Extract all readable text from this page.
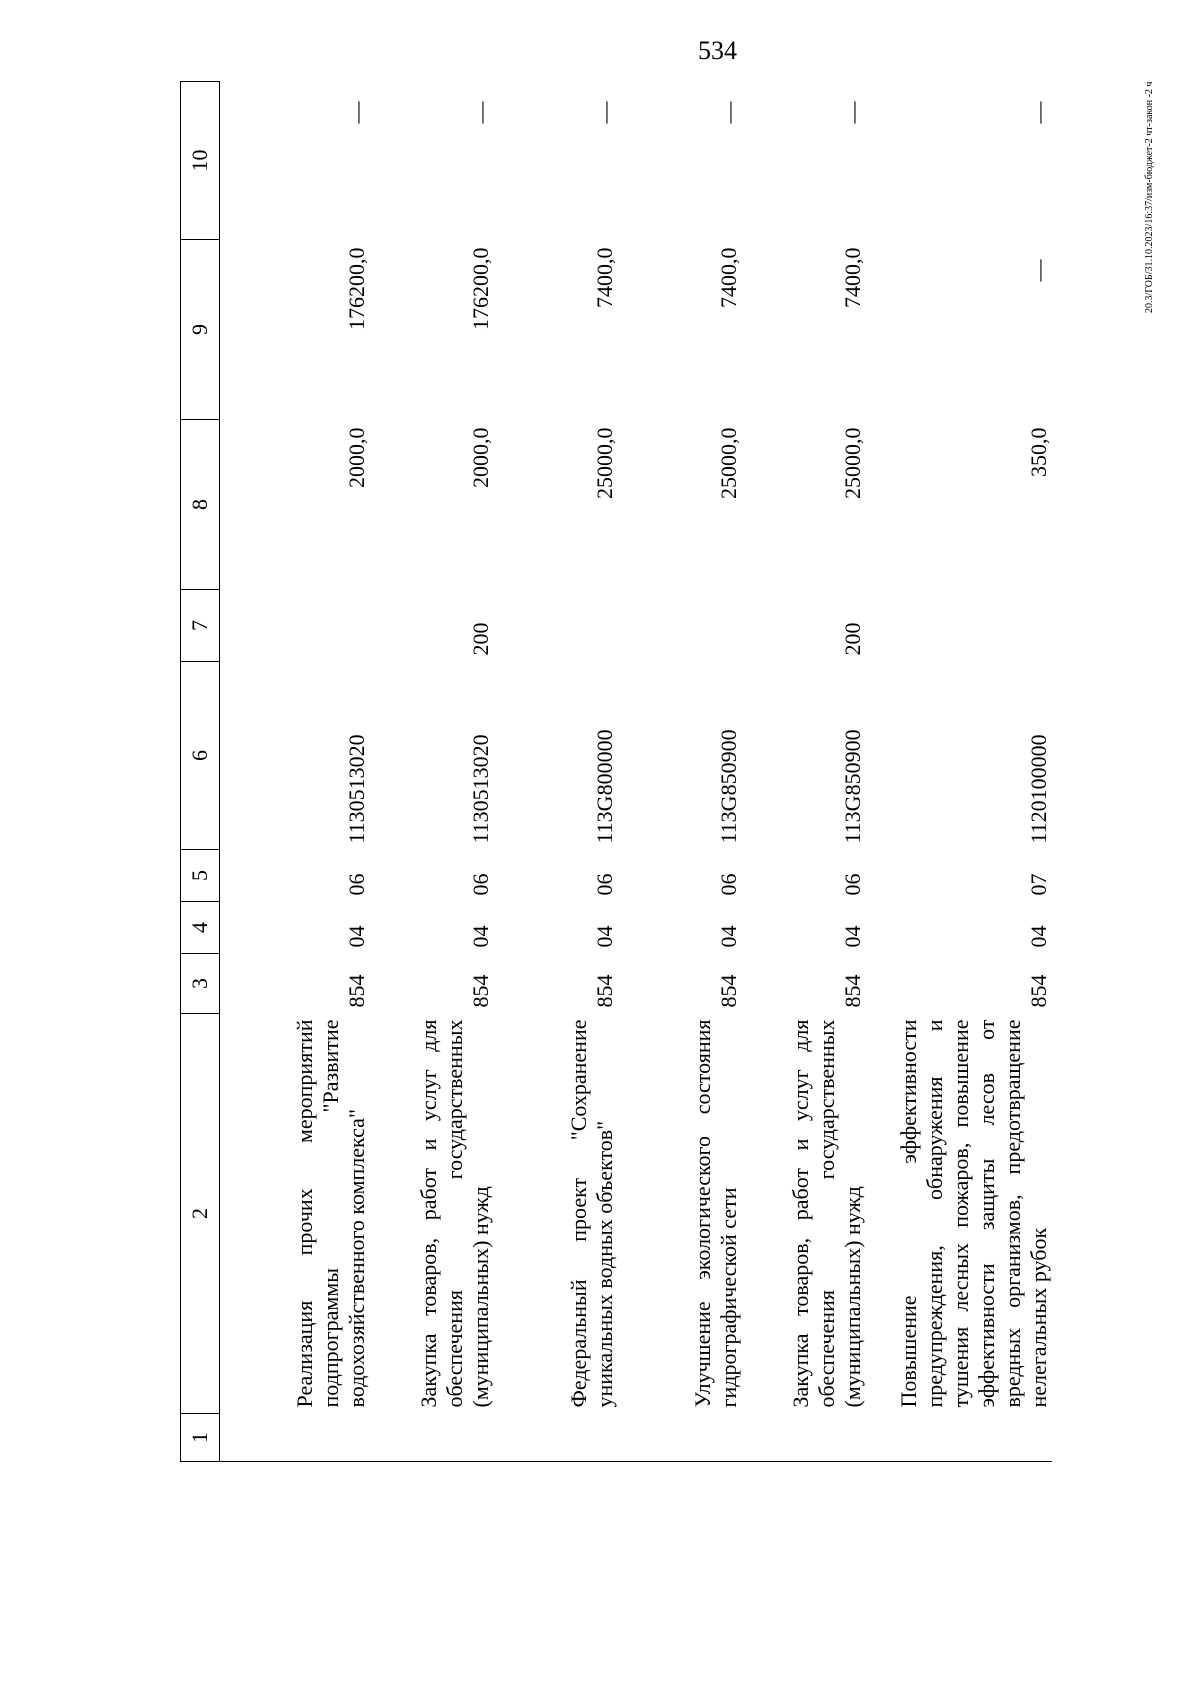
534
20.3/ГОБ/31.10.2023/16:37/изм-бюджет-2 чт-закон -2 ч
1	2	3	4	5	6	7	8	9	10
	Реализация прочих мероприятий подпрограммы "Развитие водохозяйственного комплекса"	854	04	06	1130513020		2000,0	176200,0	—
	Закупка товаров, работ и услуг для обеспечения государственных (муниципальных) нужд	854	04	06	1130513020	200	2000,0	176200,0	—
	Федеральный проект "Сохранение уникальных водных объектов"	854	04	06	113G800000		25000,0	7400,0	—
	Улучшение экологического состояния гидрографической сети	854	04	06	113G850900		25000,0	7400,0	—
	Закупка товаров, работ и услуг для обеспечения государственных (муниципальных) нужд	854	04	06	113G850900	200	25000,0	7400,0	—
	Повышение эффективности предупреждения, обнаружения и тушения лесных пожаров, повышение эффективности защиты лесов от вредных организмов, предотвращение нелегальных рубок	854	04	07	1120100000		350,0	—	—
